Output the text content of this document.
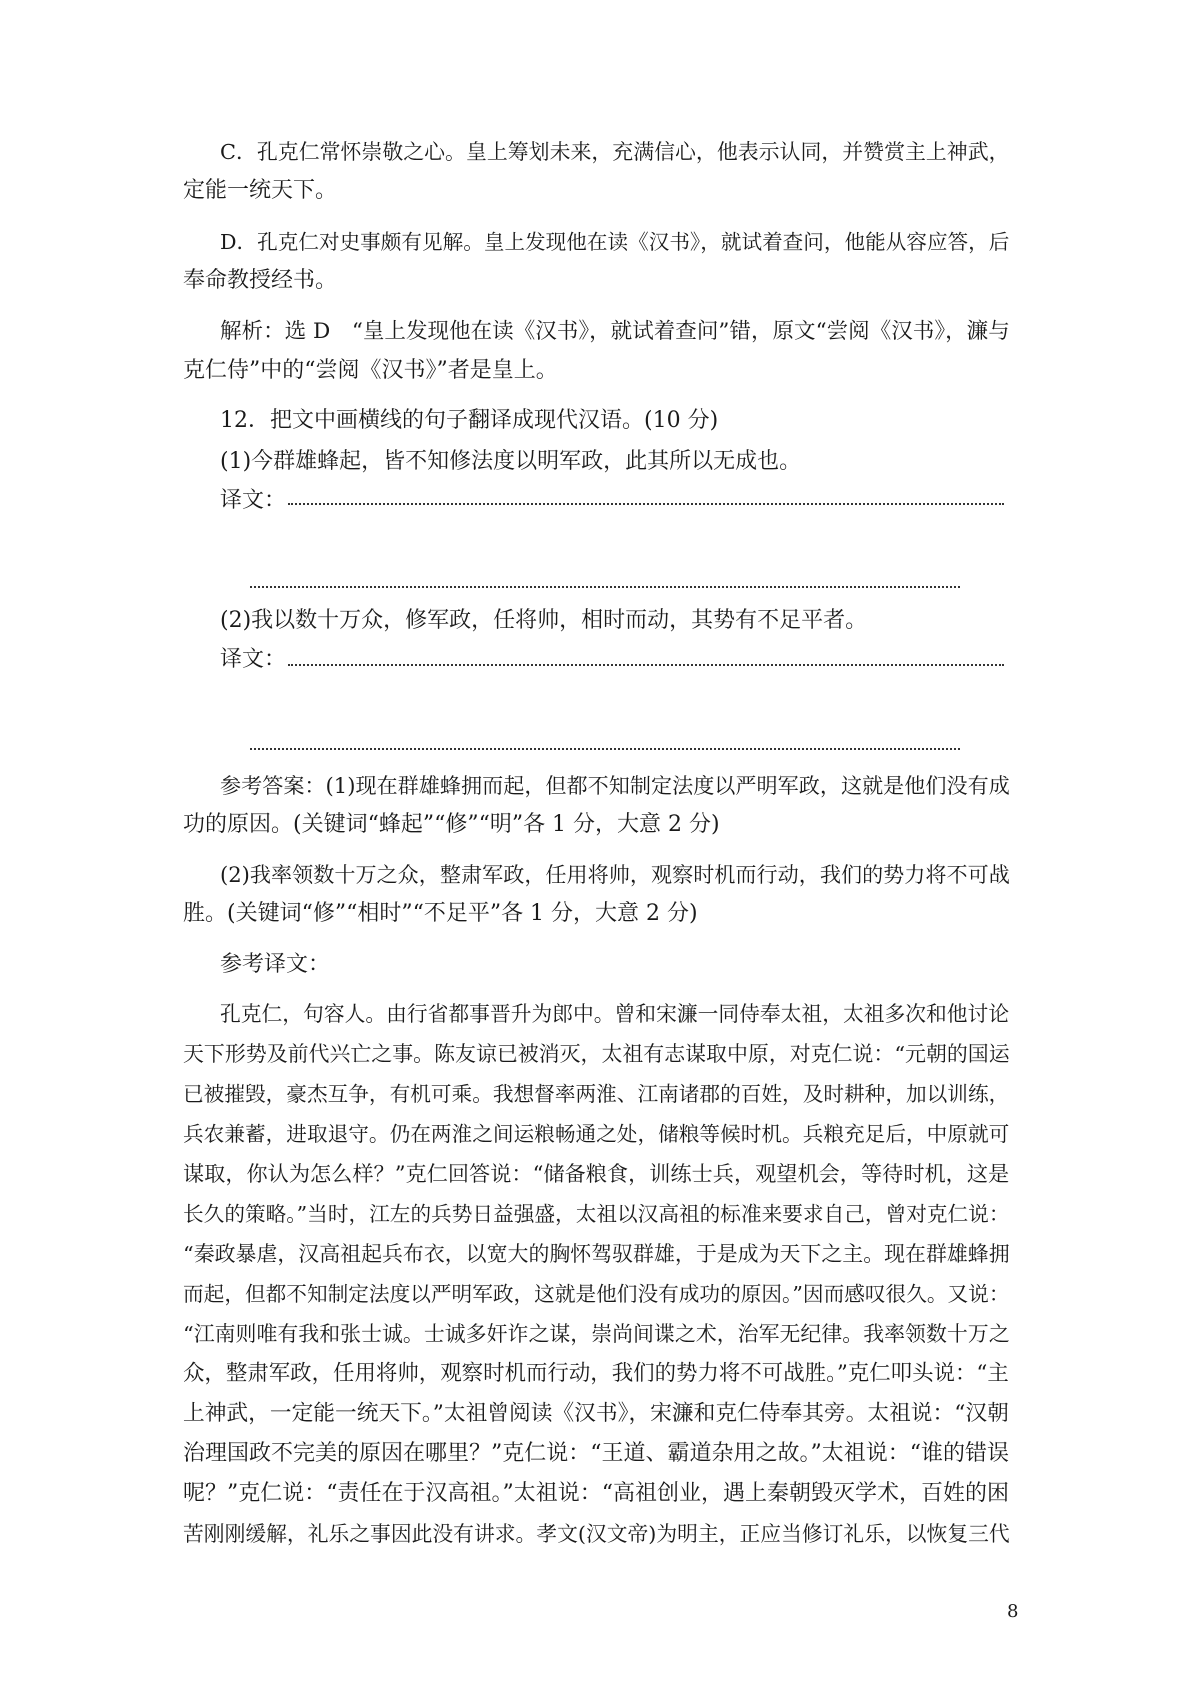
C．孔克仁常怀崇敬之心。皇上筹划未来，充满信心，他表示认同，并赞赏主上神武，
定能一统天下。
D．孔克仁对史事颇有见解。皇上发现他在读《汉书》，就试着查问，他能从容应答，后
奉命教授经书。
解析：选 D　“皇上发现他在读《汉书》，就试着查问”错，原文“尝阅《汉书》，濂与
克仁侍”中的“尝阅《汉书》”者是皇上。
12．把文中画横线的句子翻译成现代汉语。(10 分)
(1)今群雄蜂起，皆不知修法度以明军政，此其所以无成也。
译文：
(2)我以数十万众，修军政，任将帅，相时而动，其势有不足平者。
译文：
参考答案：(1)现在群雄蜂拥而起，但都不知制定法度以严明军政，这就是他们没有成
功的原因。(关键词“蜂起”“修”“明”各 1 分，大意 2 分)
(2)我率领数十万之众，整肃军政，任用将帅，观察时机而行动，我们的势力将不可战
胜。(关键词“修”“相时”“不足平”各 1 分，大意 2 分)
参考译文：
孔克仁，句容人。由行省都事晋升为郎中。曾和宋濂一同侍奉太祖，太祖多次和他讨论
天下形势及前代兴亡之事。陈友谅已被消灭，太祖有志谋取中原，对克仁说：“元朝的国运
已被摧毁，豪杰互争，有机可乘。我想督率两淮、江南诸郡的百姓，及时耕种，加以训练，
兵农兼蓄，进取退守。仍在两淮之间运粮畅通之处，储粮等候时机。兵粮充足后，中原就可
谋取，你认为怎么样？”克仁回答说：“储备粮食，训练士兵，观望机会，等待时机，这是
长久的策略。”当时，江左的兵势日益强盛，太祖以汉高祖的标准来要求自己，曾对克仁说：
“秦政暴虐，汉高祖起兵布衣，以宽大的胸怀驾驭群雄，于是成为天下之主。现在群雄蜂拥
而起，但都不知制定法度以严明军政，这就是他们没有成功的原因。”因而感叹很久。又说：
“江南则唯有我和张士诚。士诚多奸诈之谋，崇尚间谍之术，治军无纪律。我率领数十万之
众，整肃军政，任用将帅，观察时机而行动，我们的势力将不可战胜。”克仁叩头说：“主
上神武，一定能一统天下。”太祖曾阅读《汉书》，宋濂和克仁侍奉其旁。太祖说：“汉朝
治理国政不完美的原因在哪里？”克仁说：“王道、霸道杂用之故。”太祖说：“谁的错误
呢？”克仁说：“责任在于汉高祖。”太祖说：“高祖创业，遇上秦朝毁灭学术，百姓的困
苦刚刚缓解，礼乐之事因此没有讲求。孝文(汉文帝)为明主，正应当修订礼乐，以恢复三代
8
